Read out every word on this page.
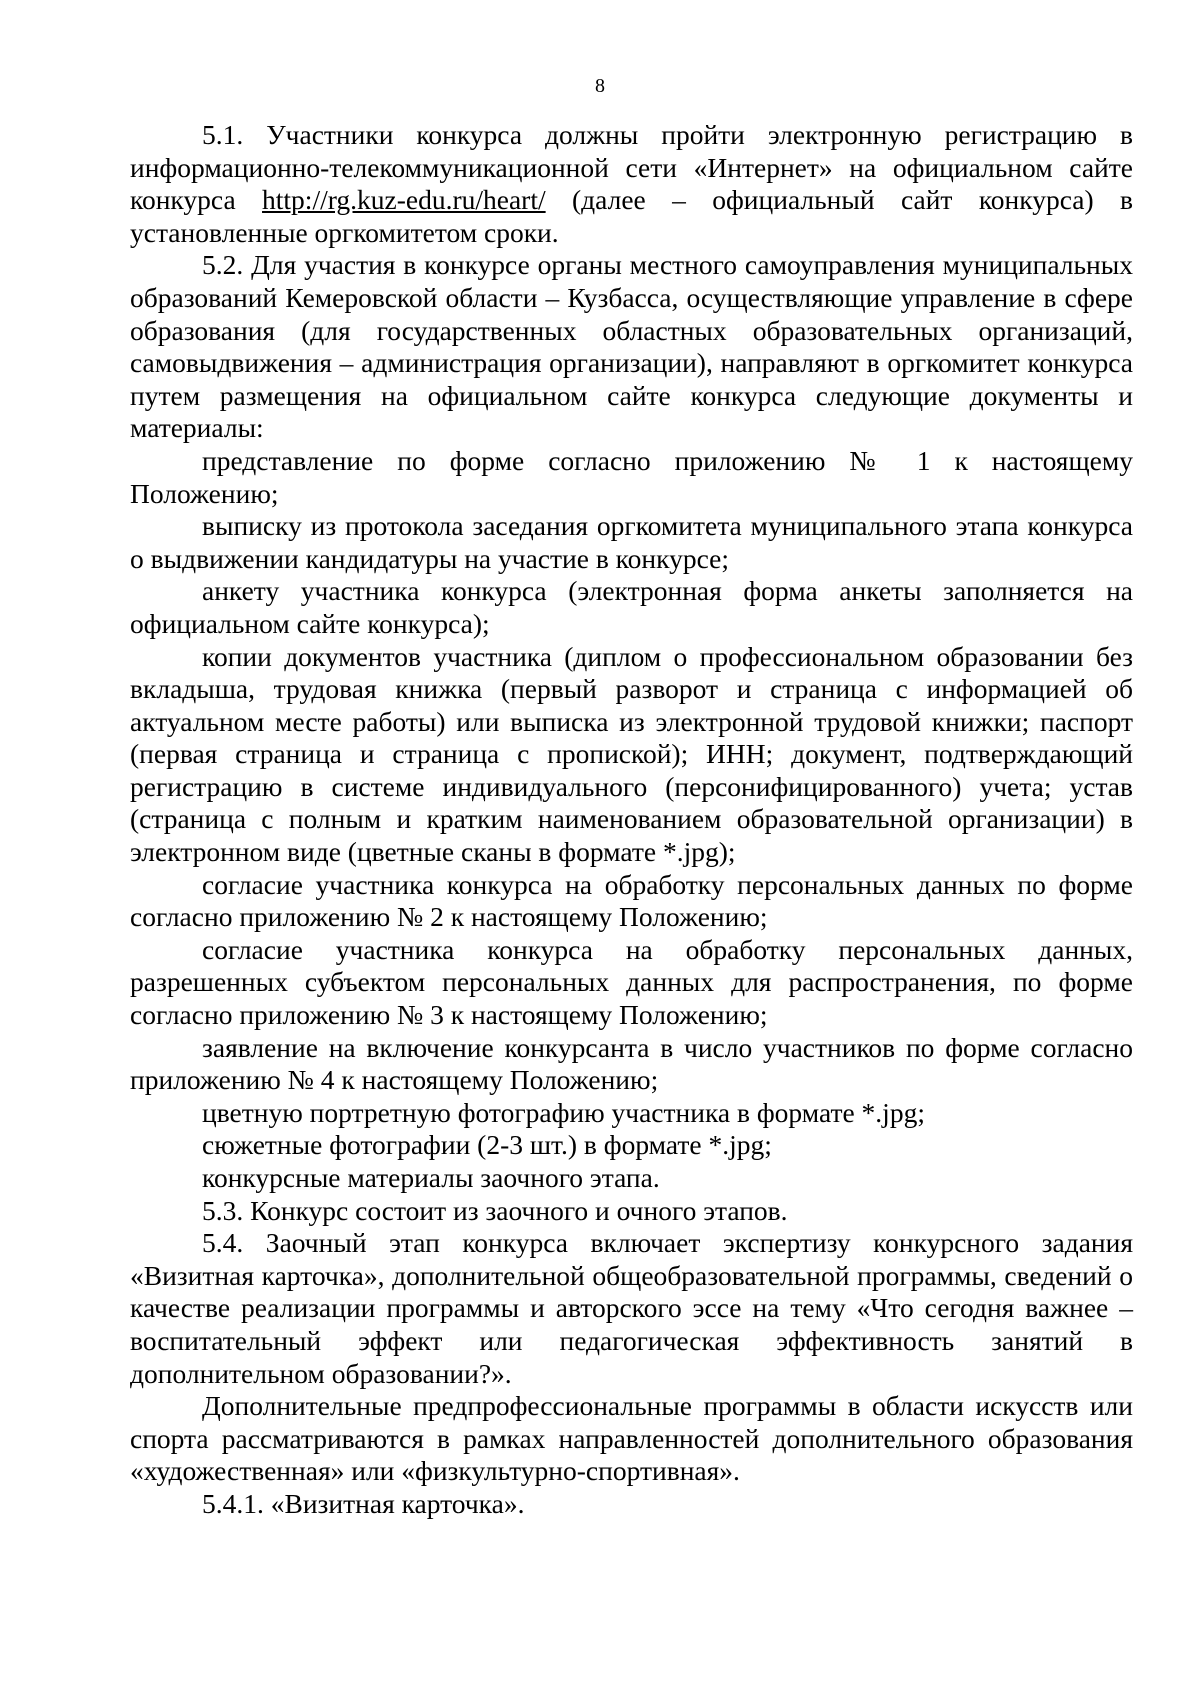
8

5.1. Участники конкурса должны пройти электронную регистрацию в информационно-телекоммуникационной сети «Интернет» на официальном сайте конкурса http://rg.kuz-edu.ru/heart/ (далее – официальный сайт конкурса) в установленные оргкомитетом сроки.

5.2. Для участия в конкурсе органы местного самоуправления муниципальных образований Кемеровской области – Кузбасса, осуществляющие управление в сфере образования (для государственных областных образовательных организаций, самовыдвижения – администрация организации), направляют в оргкомитет конкурса путем размещения на официальном сайте конкурса следующие документы и материалы:

представление по форме согласно приложению № 1 к настоящему Положению;

выписку из протокола заседания оргкомитета муниципального этапа конкурса о выдвижении кандидатуры на участие в конкурсе;

анкету участника конкурса (электронная форма анкеты заполняется на официальном сайте конкурса);

копии документов участника (диплом о профессиональном образовании без вкладыша, трудовая книжка (первый разворот и страница с информацией об актуальном месте работы) или выписка из электронной трудовой книжки; паспорт (первая страница и страница с пропиской); ИНН; документ, подтверждающий регистрацию в системе индивидуального (персонифицированного) учета; устав (страница с полным и кратким наименованием образовательной организации) в электронном виде (цветные сканы в формате *.jpg);

согласие участника конкурса на обработку персональных данных по форме согласно приложению № 2 к настоящему Положению;

согласие участника конкурса на обработку персональных данных, разрешенных субъектом персональных данных для распространения, по форме согласно приложению № 3 к настоящему Положению;

заявление на включение конкурсанта в число участников по форме согласно приложению № 4 к настоящему Положению;

цветную портретную фотографию участника в формате *.jpg;

сюжетные фотографии (2-3 шт.) в формате *.jpg;

конкурсные материалы заочного этапа.

5.3. Конкурс состоит из заочного и очного этапов.

5.4. Заочный этап конкурса включает экспертизу конкурсного задания «Визитная карточка», дополнительной общеобразовательной программы, сведений о качестве реализации программы и авторского эссе на тему «Что сегодня важнее – воспитательный эффект или педагогическая эффективность занятий в дополнительном образовании?».

Дополнительные предпрофессиональные программы в области искусств или спорта рассматриваются в рамках направленностей дополнительного образования «художественная» или «физкультурно-спортивная».

5.4.1. «Визитная карточка».
